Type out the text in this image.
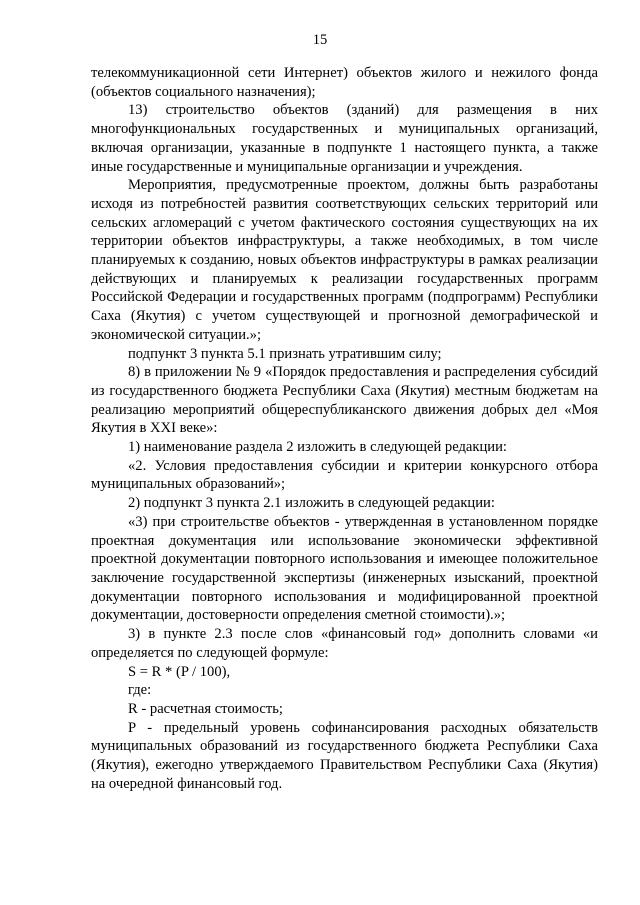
15

телекоммуникационной сети Интернет) объектов жилого и нежилого фонда (объектов социального назначения);

13) строительство объектов (зданий) для размещения в них многофункциональных государственных и муниципальных организаций, включая организации, указанные в подпункте 1 настоящего пункта, а также иные государственные и муниципальные организации и учреждения.

Мероприятия, предусмотренные проектом, должны быть разработаны исходя из потребностей развития соответствующих сельских территорий или сельских агломераций с учетом фактического состояния существующих на их территории объектов инфраструктуры, а также необходимых, в том числе планируемых к созданию, новых объектов инфраструктуры в рамках реализации действующих и планируемых к реализации государственных программ Российской Федерации и государственных программ (подпрограмм) Республики Саха (Якутия) с учетом существующей и прогнозной демографической и экономической ситуации.»;

подпункт 3 пункта 5.1 признать утратившим силу;

8) в приложении № 9 «Порядок предоставления и распределения субсидий из государственного бюджета Республики Саха (Якутия) местным бюджетам на реализацию мероприятий общереспубликанского движения добрых дел «Моя Якутия в XXI веке»:

1) наименование раздела 2 изложить в следующей редакции:

«2. Условия предоставления субсидии и критерии конкурсного отбора муниципальных образований»;

2) подпункт 3 пункта 2.1 изложить в следующей редакции:

«3) при строительстве объектов - утвержденная в установленном порядке проектная документация или использование экономически эффективной проектной документации повторного использования и имеющее положительное заключение государственной экспертизы (инженерных изысканий, проектной документации повторного использования и модифицированной проектной документации, достоверности определения сметной стоимости).»;

3) в пункте 2.3 после слов «финансовый год» дополнить словами «и определяется по следующей формуле:

S = R * (P / 100),

где:

R - расчетная стоимость;

P - предельный уровень софинансирования расходных обязательств муниципальных образований из государственного бюджета Республики Саха (Якутия), ежегодно утверждаемого Правительством Республики Саха (Якутия) на очередной финансовый год.
